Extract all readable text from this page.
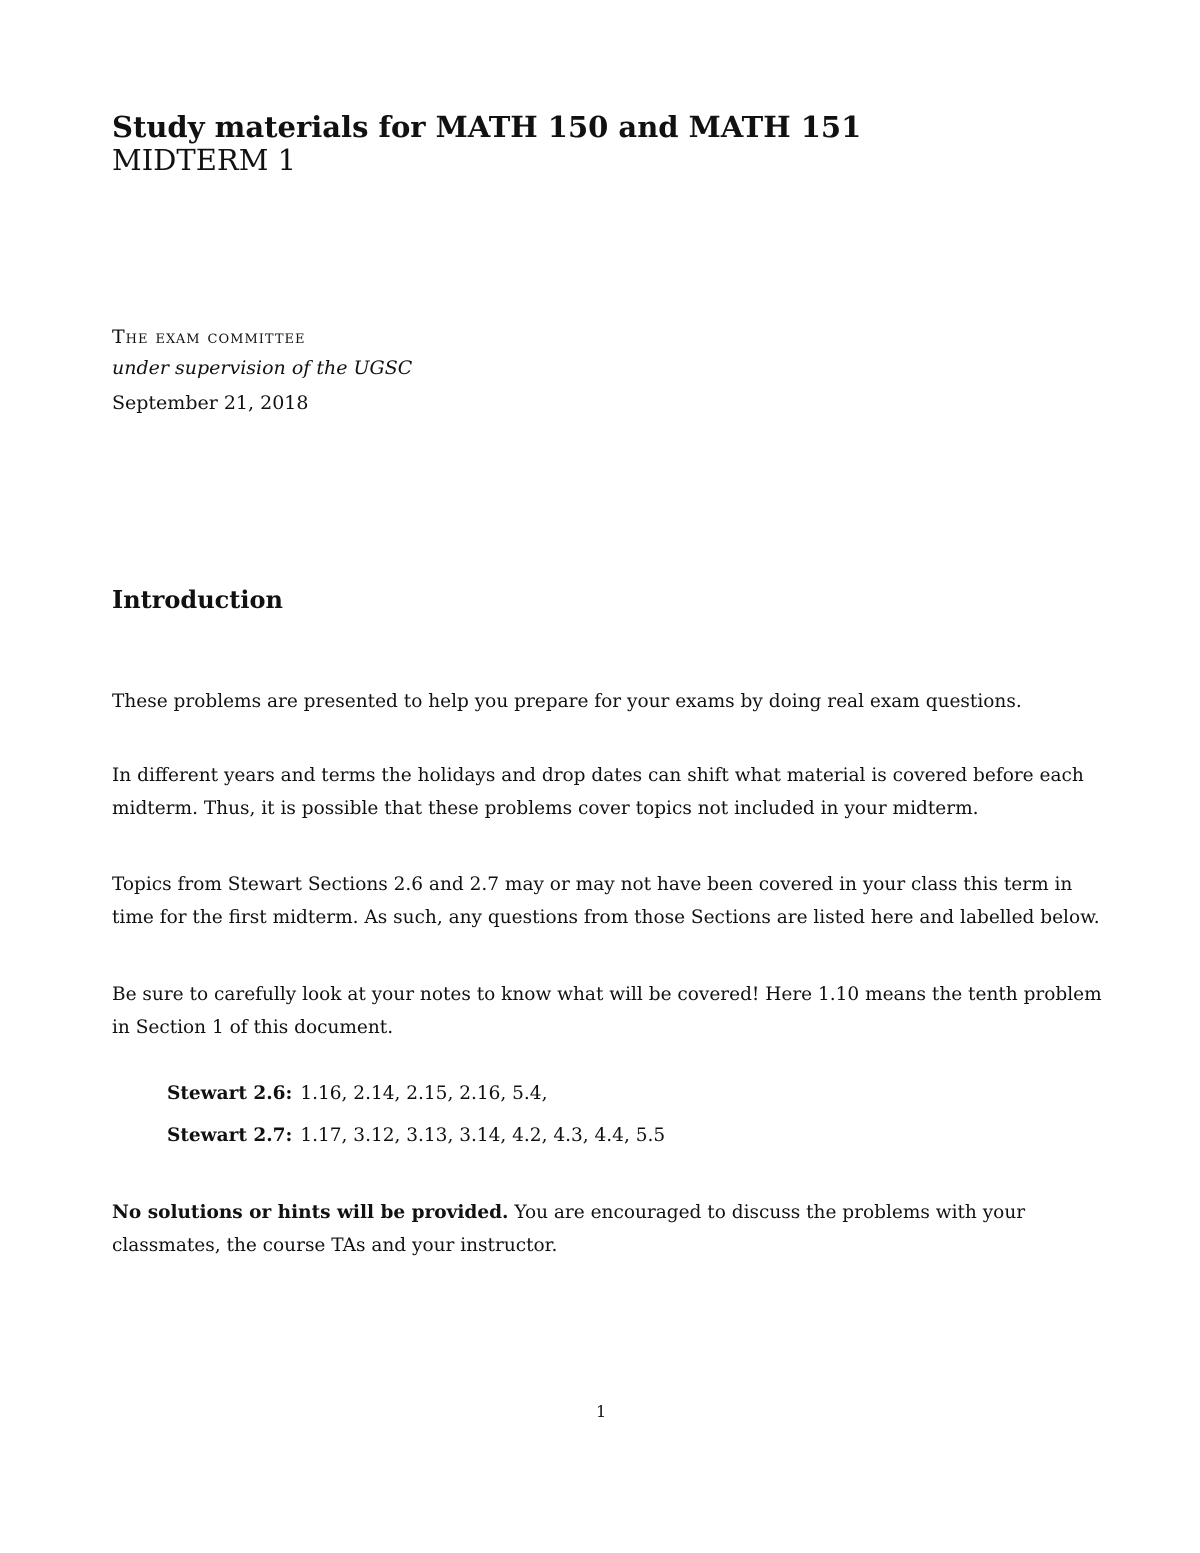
Study materials for MATH 150 and MATH 151
MIDTERM 1
The exam committee
under supervision of the UGSC
September 21, 2018
Introduction

These problems are presented to help you prepare for your exams by doing real exam questions.

In different years and terms the holidays and drop dates can shift what material is covered before each midterm. Thus, it is possible that these problems cover topics not included in your midterm.

Topics from Stewart Sections 2.6 and 2.7 may or may not have been covered in your class this term in time for the first midterm. As such, any questions from those Sections are listed here and labelled below.

Be sure to carefully look at your notes to know what will be covered! Here 1.10 means the tenth problem in Section 1 of this document.

Stewart 2.6: 1.16, 2.14, 2.15, 2.16, 5.4,
Stewart 2.7: 1.17, 3.12, 3.13, 3.14, 4.2, 4.3, 4.4, 5.5

No solutions or hints will be provided. You are encouraged to discuss the problems with your classmates, the course TAs and your instructor.

1
